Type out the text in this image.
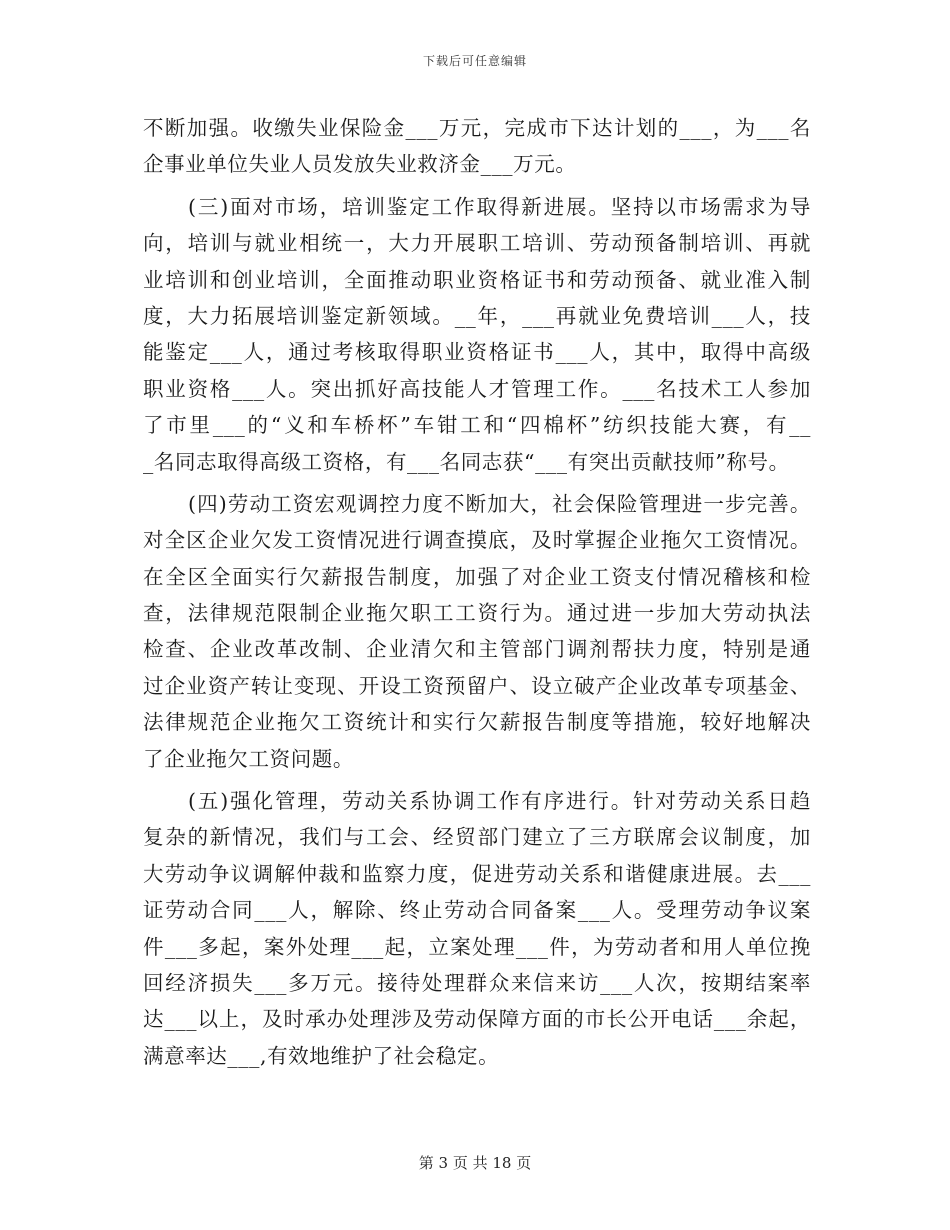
下载后可任意编辑
不断加强。收缴失业保险金___万元，完成市下达计划的___，为___名
企事业单位失业人员发放失业救济金___万元。
(三)面对市场，培训鉴定工作取得新进展。坚持以市场需求为导
向，培训与就业相统一，大力开展职工培训、劳动预备制培训、再就
业培训和创业培训，全面推动职业资格证书和劳动预备、就业准入制
度，大力拓展培训鉴定新领域。__年，___再就业免费培训___人，技
能鉴定___人，通过考核取得职业资格证书___人，其中，取得中高级
职业资格___人。突出抓好高技能人才管理工作。___名技术工人参加
了市里___的“义和车桥杯”车钳工和“四棉杯”纺织技能大赛，有__
_名同志取得高级工资格，有___名同志获“___有突出贡献技师”称号。
(四)劳动工资宏观调控力度不断加大，社会保险管理进一步完善。
对全区企业欠发工资情况进行调查摸底，及时掌握企业拖欠工资情况。
在全区全面实行欠薪报告制度，加强了对企业工资支付情况稽核和检
查，法律规范限制企业拖欠职工工资行为。通过进一步加大劳动执法
检查、企业改革改制、企业清欠和主管部门调剂帮扶力度，特别是通
过企业资产转让变现、开设工资预留户、设立破产企业改革专项基金、
法律规范企业拖欠工资统计和实行欠薪报告制度等措施，较好地解决
了企业拖欠工资问题。
(五)强化管理，劳动关系协调工作有序进行。针对劳动关系日趋
复杂的新情况，我们与工会、经贸部门建立了三方联席会议制度，加
大劳动争议调解仲裁和监察力度，促进劳动关系和谐健康进展。去___
证劳动合同___人，解除、终止劳动合同备案___人。受理劳动争议案
件___多起，案外处理___起，立案处理___件，为劳动者和用人单位挽
回经济损失___多万元。接待处理群众来信来访___人次，按期结案率
达___以上，及时承办处理涉及劳动保障方面的市长公开电话___余起，
满意率达___,有效地维护了社会稳定。
第 3 页 共 18 页
